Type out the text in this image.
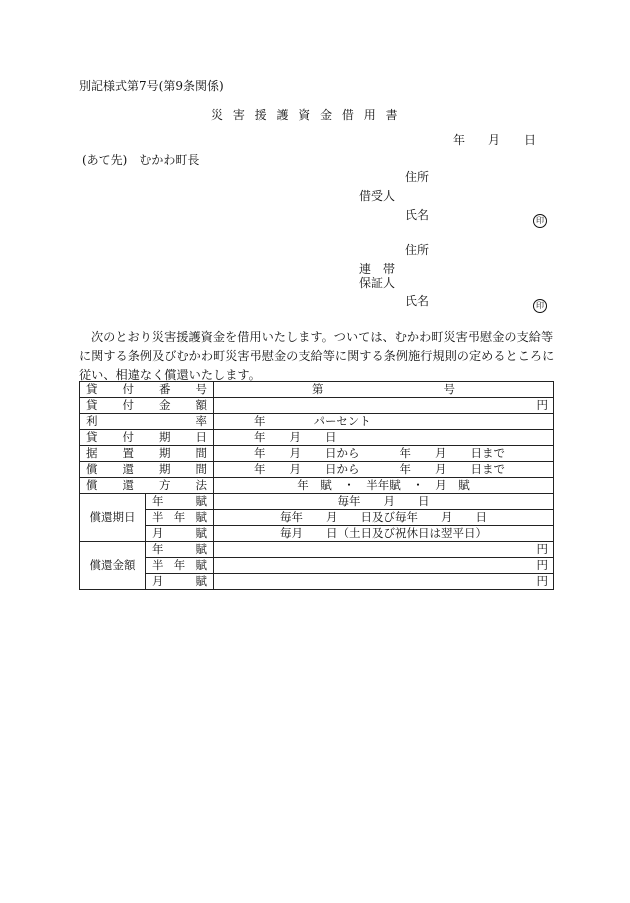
別記様式第7号(第9条関係)
災 害 援 護 資 金 借 用 書
年 月 日
(あて先)　むかわ町長
住所
借受人
氏名	印
住所
連　帯
保証人
氏名	印
次のとおり災害援護資金を借用いたします。ついては、むかわ町災害弔慰金の支給等に関する条例及びむかわ町災害弔慰金の支給等に関する条例施行規則の定めるところに従い、相違なく償還いたします。
貸付番号		第 号
貸付金額		円
利 率		年 パーセント
貸付期日		年 月 日
据置期間		年 月 日から 年 月 日まで
償還期間		年 月 日から 年 月 日まで
償還方法		年　賦　・　半年賦　・　月　賦
償還期日	年賦	毎年　　月　　日
	半年賦	毎年　　月　　日及び毎年　　月　　日
	月賦	毎月　　日（土日及び祝休日は翌平日）
償還金額	年賦	円
	半年賦	円
	月賦	円
